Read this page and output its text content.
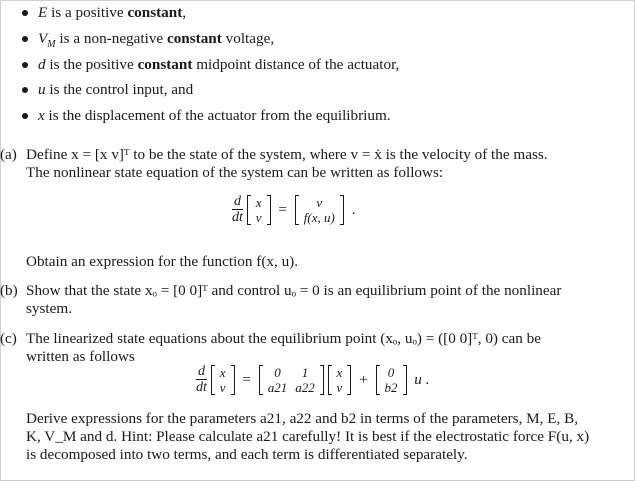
E is a positive constant,
$V_M$ is a non-negative constant voltage,
d is the positive constant midpoint distance of the actuator,
u is the control input, and
x is the displacement of the actuator from the equilibrium.
(a) Define x = [x v]ᵀ to be the state of the system, where v = ẋ is the velocity of the mass.
The nonlinear state equation of the system can be written as follows:
$\frac{d}{dt}$
x
v = v
f(x, u) .
Obtain an expression for the function f(x, u).
(b) Show that the state xₒ = [0 0]ᵀ and control uₒ = 0 is an equilibrium point of the nonlinear
system.
(c) The linearized state equations about the equilibrium point (xₒ, uₒ) = ([0 0]ᵀ, 0) can be
written as follows
$\frac{d}{dt}$
x
v = 0	1
a21	a22

x
v + 0
b2 u .
Derive expressions for the parameters a21, a22 and b2 in terms of the parameters, M, E, B,
K, V_M and d. Hint: Please calculate a21 carefully! It is best if the electrostatic force F(u, x)
is decomposed into two terms, and each term is differentiated separately.
